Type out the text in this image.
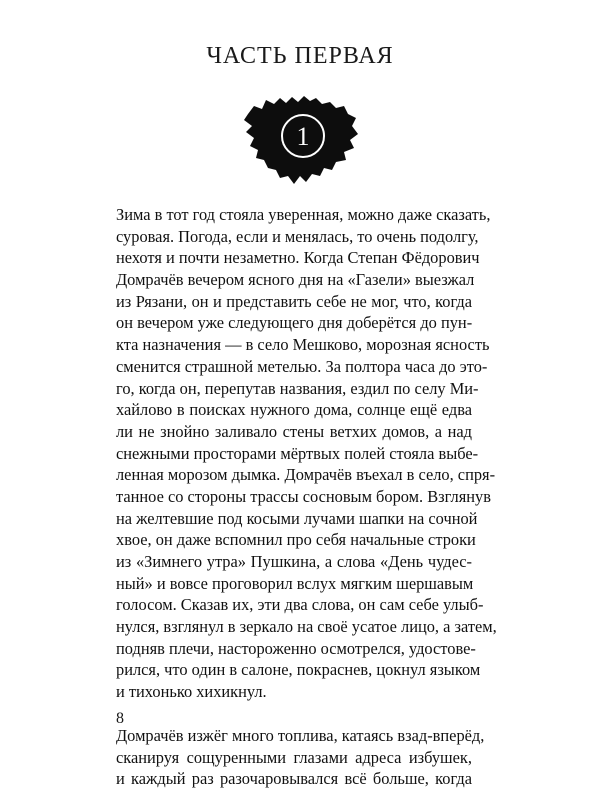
ЧАСТЬ ПЕРВАЯ
1
Зима в тот год стояла уверенная, можно даже сказать,
суровая. Погода, если и менялась, то очень подолгу,
нехотя и почти незаметно. Когда Степан Фёдорович
Домрачёв вечером ясного дня на «Газели» выезжал
из Рязани, он и представить себе не мог, что, когда
он вечером уже следующего дня доберётся до пун-
кта назначения — в село Мешково, морозная ясность
сменится страшной метелью. За полтора часа до это-
го, когда он, перепутав названия, ездил по селу Ми-
хайлово в поисках нужного дома, солнце ещё едва
ли не знойно заливало стены ветхих домов, а над
снежными просторами мёртвых полей стояла выбе-
ленная морозом дымка. Домрачёв въехал в село, спря-
танное со стороны трассы сосновым бором. Взглянув
на желтевшие под косыми лучами шапки на сочной
хвое, он даже вспомнил про себя начальные строки
из «Зимнего утра» Пушкина, а слова «День чудес-
ный» и вовсе проговорил вслух мягким шершавым
голосом. Сказав их, эти два слова, он сам себе улыб-
нулся, взглянул в зеркало на своё усатое лицо, а затем,
подняв плечи, настороженно осмотрелся, удостове-
рился, что один в салоне, покраснев, цокнул языком
и тихонько хихикнул.
Домрачёв изжёг много топлива, катаясь взад-вперёд,
сканируя сощуренными глазами адреса избушек,
и каждый раз разочаровывался всё больше, когда
8
